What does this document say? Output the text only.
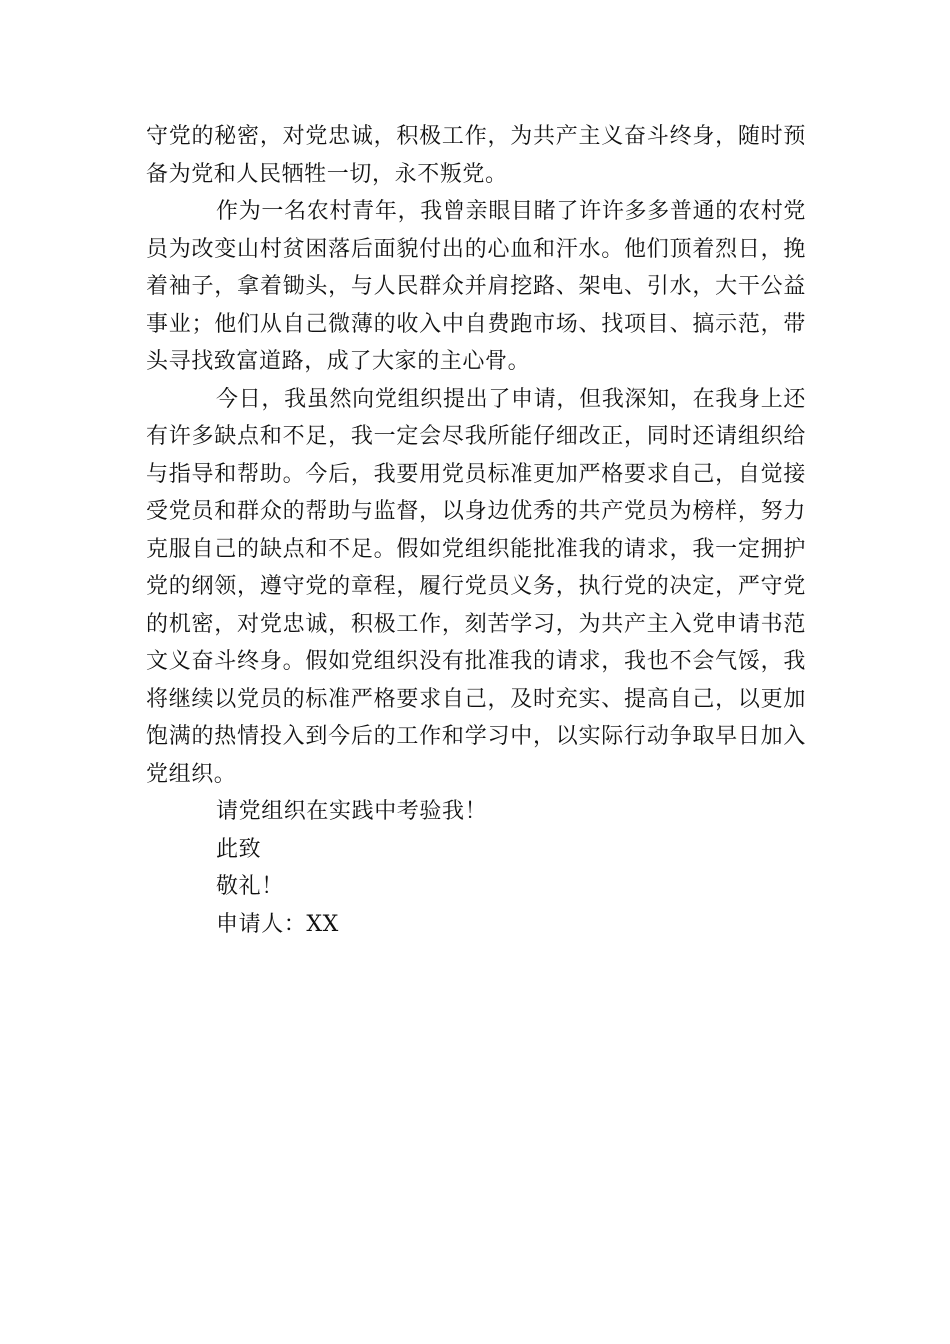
守党的秘密，对党忠诚，积极工作，为共产主义奋斗终身，随时预备为党和人民牺牲一切，永不叛党。

作为一名农村青年，我曾亲眼目睹了许许多多普通的农村党员为改变山村贫困落后面貌付出的心血和汗水。他们顶着烈日，挽着袖子，拿着锄头，与人民群众并肩挖路、架电、引水，大干公益事业；他们从自己微薄的收入中自费跑市场、找项目、搞示范，带头寻找致富道路，成了大家的主心骨。

今日，我虽然向党组织提出了申请，但我深知，在我身上还有许多缺点和不足，我一定会尽我所能仔细改正，同时还请组织给与指导和帮助。今后，我要用党员标准更加严格要求自己，自觉接受党员和群众的帮助与监督，以身边优秀的共产党员为榜样，努力克服自己的缺点和不足。假如党组织能批准我的请求，我一定拥护党的纲领，遵守党的章程，履行党员义务，执行党的决定，严守党的机密，对党忠诚，积极工作，刻苦学习，为共产主入党申请书范文义奋斗终身。假如党组织没有批准我的请求，我也不会气馁，我将继续以党员的标准严格要求自己，及时充实、提高自己，以更加饱满的热情投入到今后的工作和学习中，以实际行动争取早日加入党组织。

请党组织在实践中考验我！

此致

敬礼！

申请人：XX
